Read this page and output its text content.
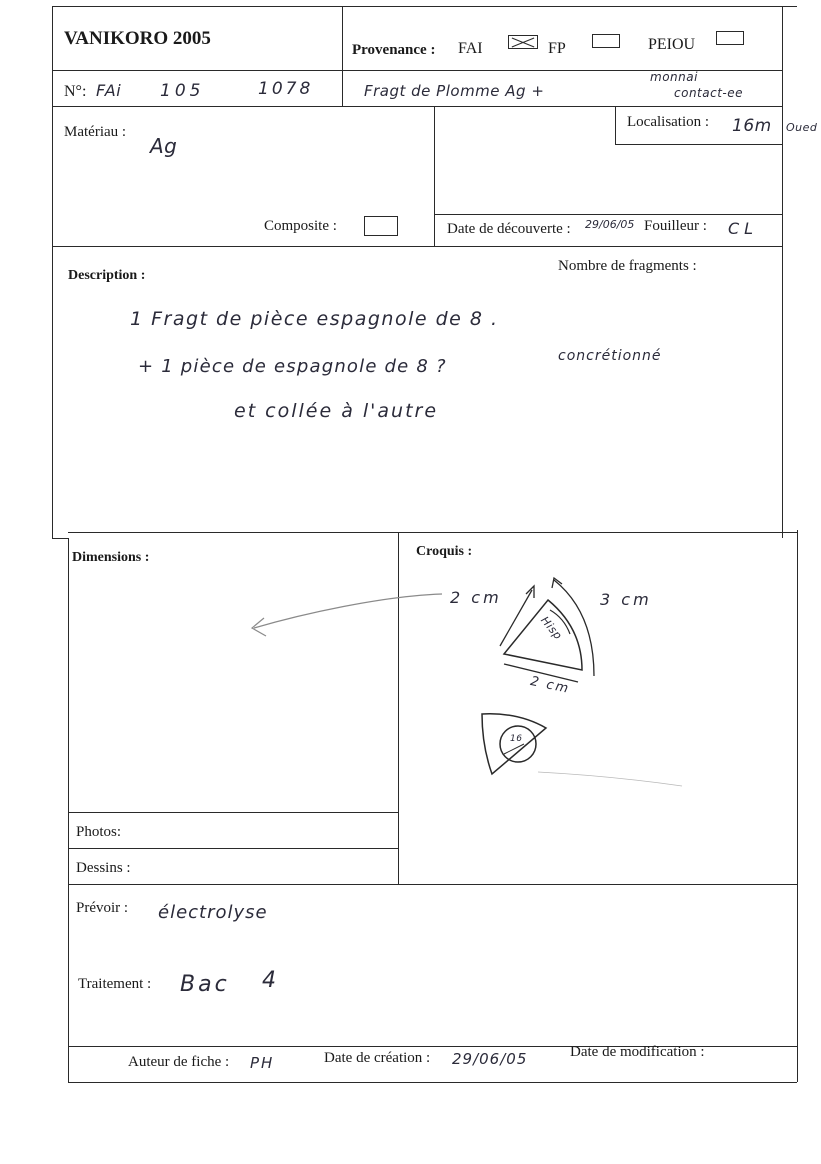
VANIKORO 2005
Provenance : FAI	FP	PEIOU
N°: FAi 105	1078	Fragt de Plomme Ag +
monnai
contact-ee
Matériau :
Ag
Composite :
Localisation : 16m Oued
Date de découverte : 29/06/05 Fouilleur : CL
Description :
Nombre de fragments :
1 Fragt de pièce espagnole de 8 .
+ 1 pièce de espagnole de 8 ?	concrétionné
et collée à l'autre
Dimensions :	Croquis :
2 cm	3 cm
2 cm
Hisp
16
Photos:
Dessins :
Prévoir : électrolyse
Traitement : Bac 4
Auteur de fiche : PH	Date de création : 29/06/05	Date de modification :
